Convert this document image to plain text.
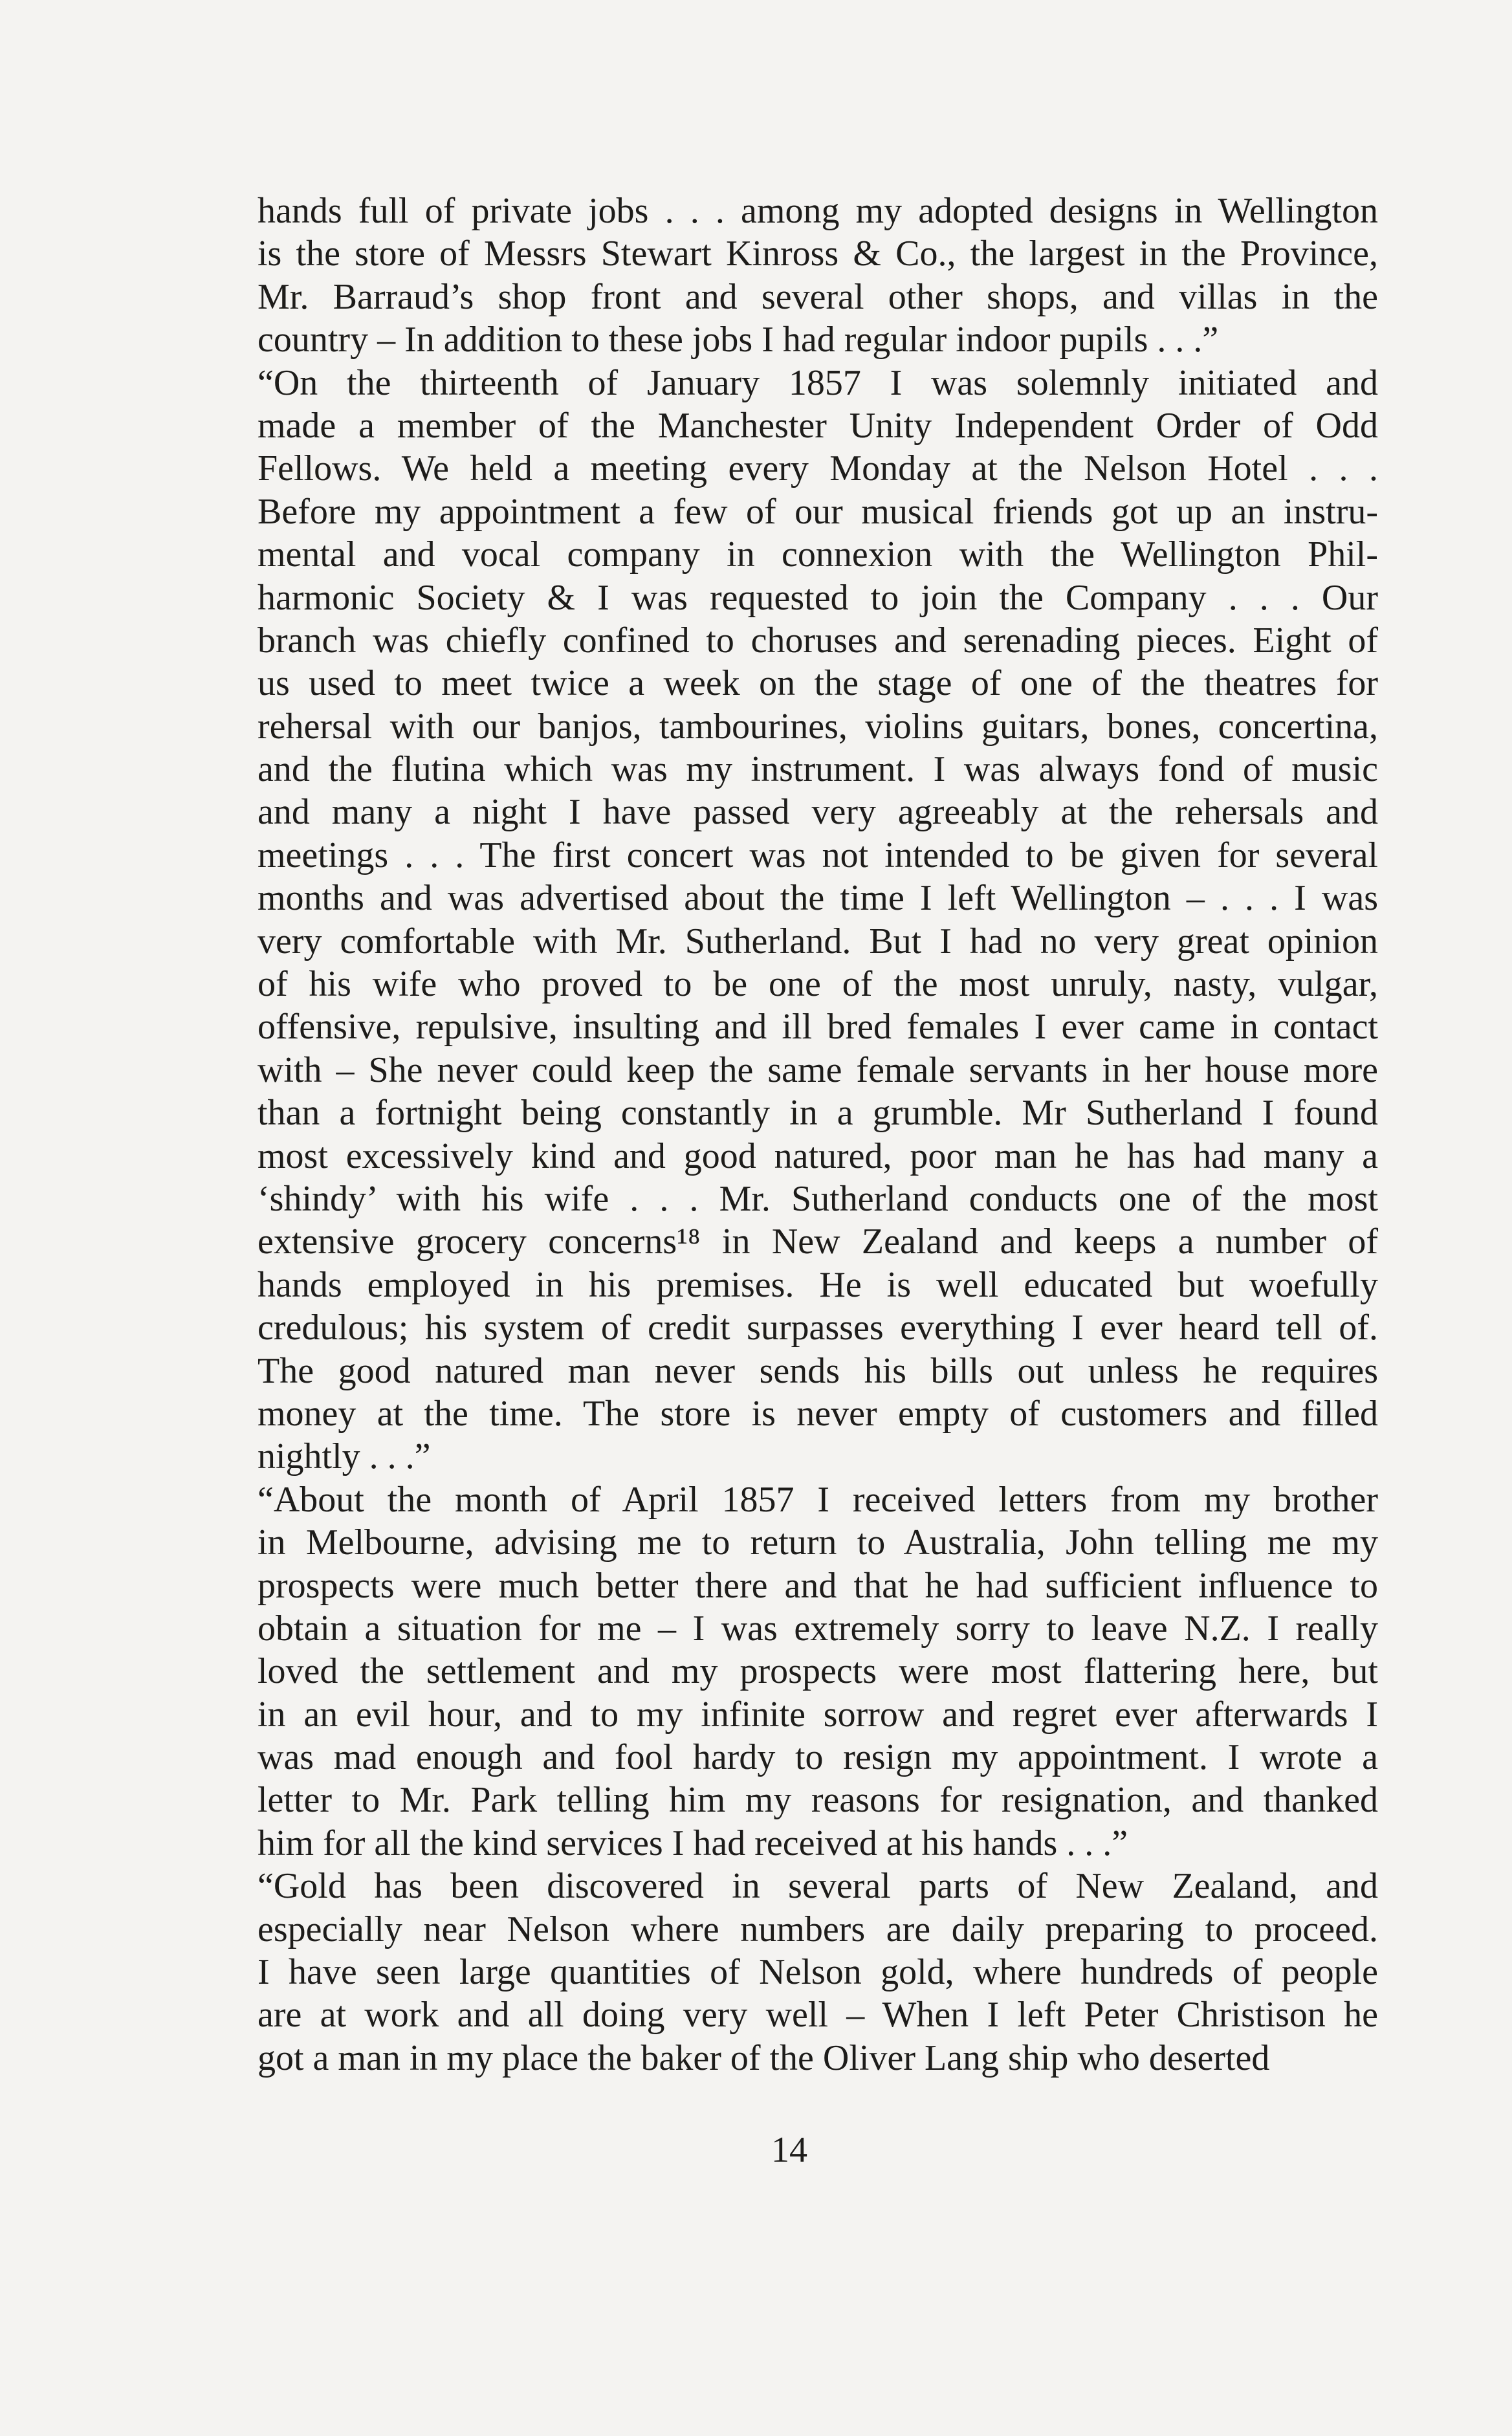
hands full of private jobs . . . among my adopted designs in Wellington
is the store of Messrs Stewart Kinross & Co., the largest in the Province,
Mr. Barraud’s shop front and several other shops, and villas in the
country – In addition to these jobs I had regular indoor pupils . . .”
“On the thirteenth of January 1857 I was solemnly initiated and
made a member of the Manchester Unity Independent Order of Odd
Fellows. We held a meeting every Monday at the Nelson Hotel . . .
Before my appointment a few of our musical friends got up an instru-
mental and vocal company in connexion with the Wellington Phil-
harmonic Society & I was requested to join the Company . . . Our
branch was chiefly confined to choruses and serenading pieces. Eight of
us used to meet twice a week on the stage of one of the theatres for
rehersal with our banjos, tambourines, violins guitars, bones, concertina,
and the flutina which was my instrument. I was always fond of music
and many a night I have passed very agreeably at the rehersals and
meetings . . . The first concert was not intended to be given for several
months and was advertised about the time I left Wellington – . . . I was
very comfortable with Mr. Sutherland. But I had no very great opinion
of his wife who proved to be one of the most unruly, nasty, vulgar,
offensive, repulsive, insulting and ill bred females I ever came in contact
with – She never could keep the same female servants in her house more
than a fortnight being constantly in a grumble. Mr Sutherland I found
most excessively kind and good natured, poor man he has had many a
‘shindy’ with his wife . . . Mr. Sutherland conducts one of the most
extensive grocery concerns¹⁸ in New Zealand and keeps a number of
hands employed in his premises. He is well educated but woefully
credulous; his system of credit surpasses everything I ever heard tell of.
The good natured man never sends his bills out unless he requires
money at the time. The store is never empty of customers and filled
nightly . . .”
“About the month of April 1857 I received letters from my brother
in Melbourne, advising me to return to Australia, John telling me my
prospects were much better there and that he had sufficient influence to
obtain a situation for me – I was extremely sorry to leave N.Z. I really
loved the settlement and my prospects were most flattering here, but
in an evil hour, and to my infinite sorrow and regret ever afterwards I
was mad enough and fool hardy to resign my appointment. I wrote a
letter to Mr. Park telling him my reasons for resignation, and thanked
him for all the kind services I had received at his hands . . .”
“Gold has been discovered in several parts of New Zealand, and
especially near Nelson where numbers are daily preparing to proceed.
I have seen large quantities of Nelson gold, where hundreds of people
are at work and all doing very well – When I left Peter Christison he
got a man in my place the baker of the Oliver Lang ship who deserted
14
